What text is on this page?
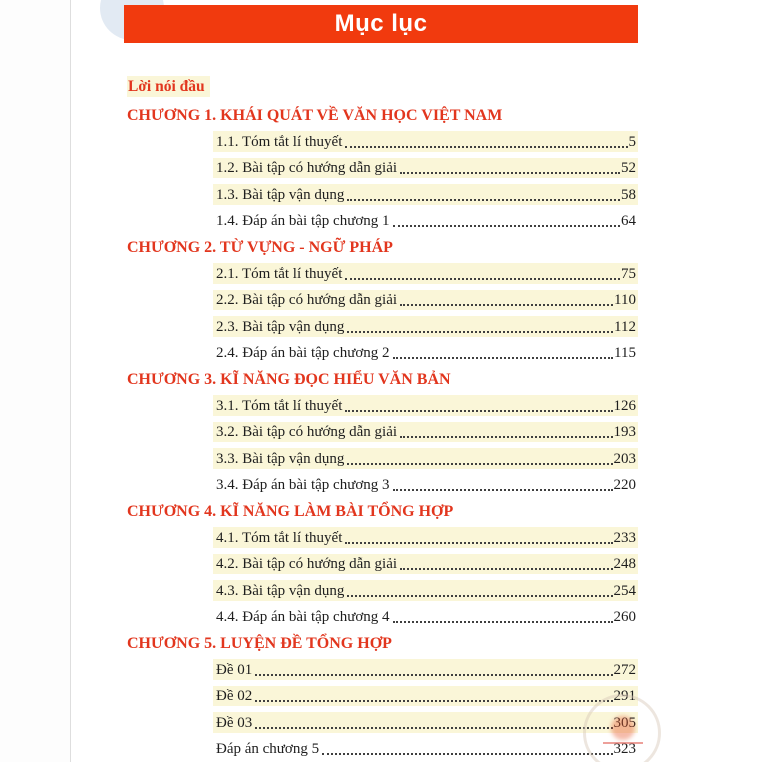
Mục lục
Lời nói đầu
CHƯƠNG 1. KHÁI QUÁT VỀ VĂN HỌC VIỆT NAM
1.1. Tóm tắt lí thuyết	5
1.2. Bài tập có hướng dẫn giải	52
1.3. Bài tập vận dụng	58
1.4. Đáp án bài tập chương 1	64
CHƯƠNG 2. TỪ VỰNG - NGỮ PHÁP
2.1. Tóm tắt lí thuyết	75
2.2. Bài tập có hướng dẫn giải	110
2.3. Bài tập vận dụng	112
2.4. Đáp án bài tập chương 2	115
CHƯƠNG 3. KĨ NĂNG ĐỌC HIỂU VĂN BẢN
3.1. Tóm tắt lí thuyết	126
3.2. Bài tập có hướng dẫn giải	193
3.3. Bài tập vận dụng	203
3.4. Đáp án bài tập chương 3	220
CHƯƠNG 4. KĨ NĂNG LÀM BÀI TỔNG HỢP
4.1. Tóm tắt lí thuyết	233
4.2. Bài tập có hướng dẫn giải	248
4.3. Bài tập vận dụng	254
4.4. Đáp án bài tập chương 4	260
CHƯƠNG 5. LUYỆN ĐỀ TỔNG HỢP
Đề 01	272
Đề 02	291
Đề 03	305
Đáp án chương 5	323
